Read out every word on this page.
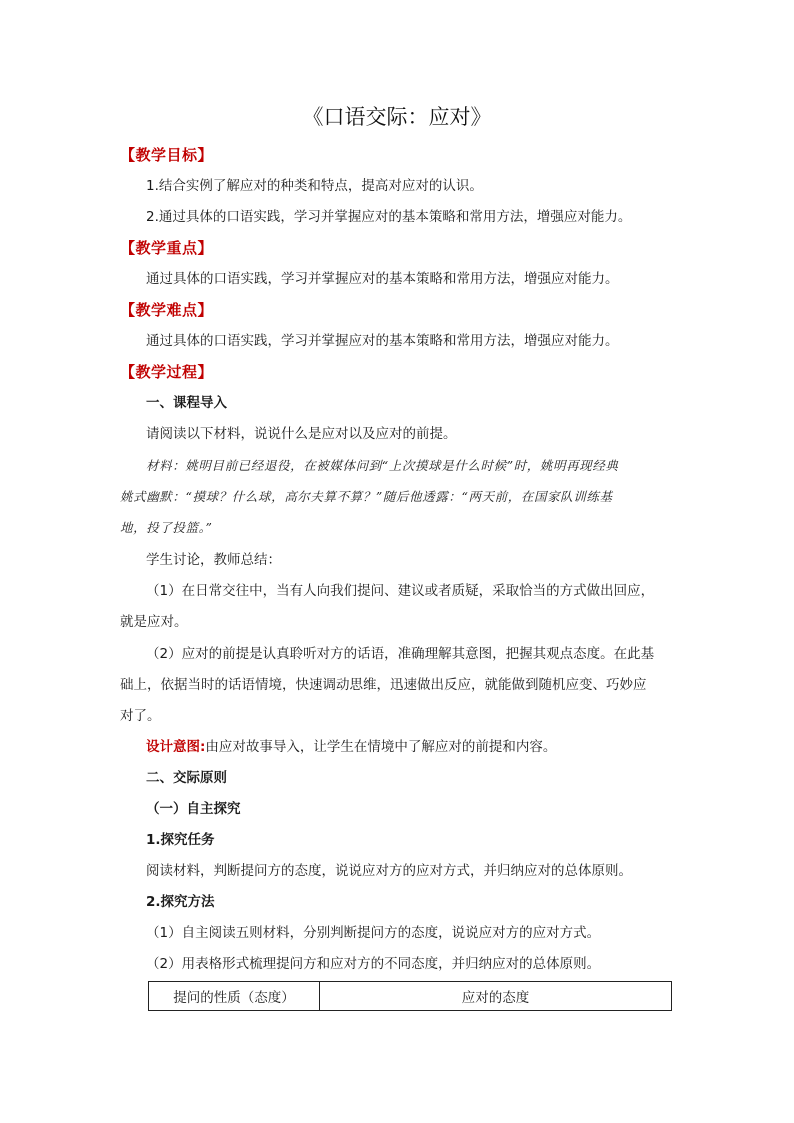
《口语交际：应对》
【教学目标】
1.结合实例了解应对的种类和特点，提高对应对的认识。
2.通过具体的口语实践，学习并掌握应对的基本策略和常用方法，增强应对能力。
【教学重点】
通过具体的口语实践，学习并掌握应对的基本策略和常用方法，增强应对能力。
【教学难点】
通过具体的口语实践，学习并掌握应对的基本策略和常用方法，增强应对能力。
【教学过程】
一、课程导入
请阅读以下材料，说说什么是应对以及应对的前提。
材料：姚明目前已经退役，在被媒体问到“上次摸球是什么时候”时，姚明再现经典
姚式幽默：“摸球？什么球，高尔夫算不算？”随后他透露：“两天前，在国家队训练基
地，投了投篮。”
学生讨论，教师总结：
（1）在日常交往中，当有人向我们提问、建议或者质疑，采取恰当的方式做出回应，
就是应对。
（2）应对的前提是认真聆听对方的话语，准确理解其意图，把握其观点态度。在此基
础上，依据当时的话语情境，快速调动思维，迅速做出反应，就能做到随机应变、巧妙应
对了。
设计意图:由应对故事导入，让学生在情境中了解应对的前提和内容。
二、交际原则
（一）自主探究
1.探究任务
阅读材料，判断提问方的态度，说说应对方的应对方式，并归纳应对的总体原则。
2.探究方法
（1）自主阅读五则材料，分别判断提问方的态度，说说应对方的应对方式。
（2）用表格形式梳理提问方和应对方的不同态度，并归纳应对的总体原则。
提问的性质（态度）	应对的态度
